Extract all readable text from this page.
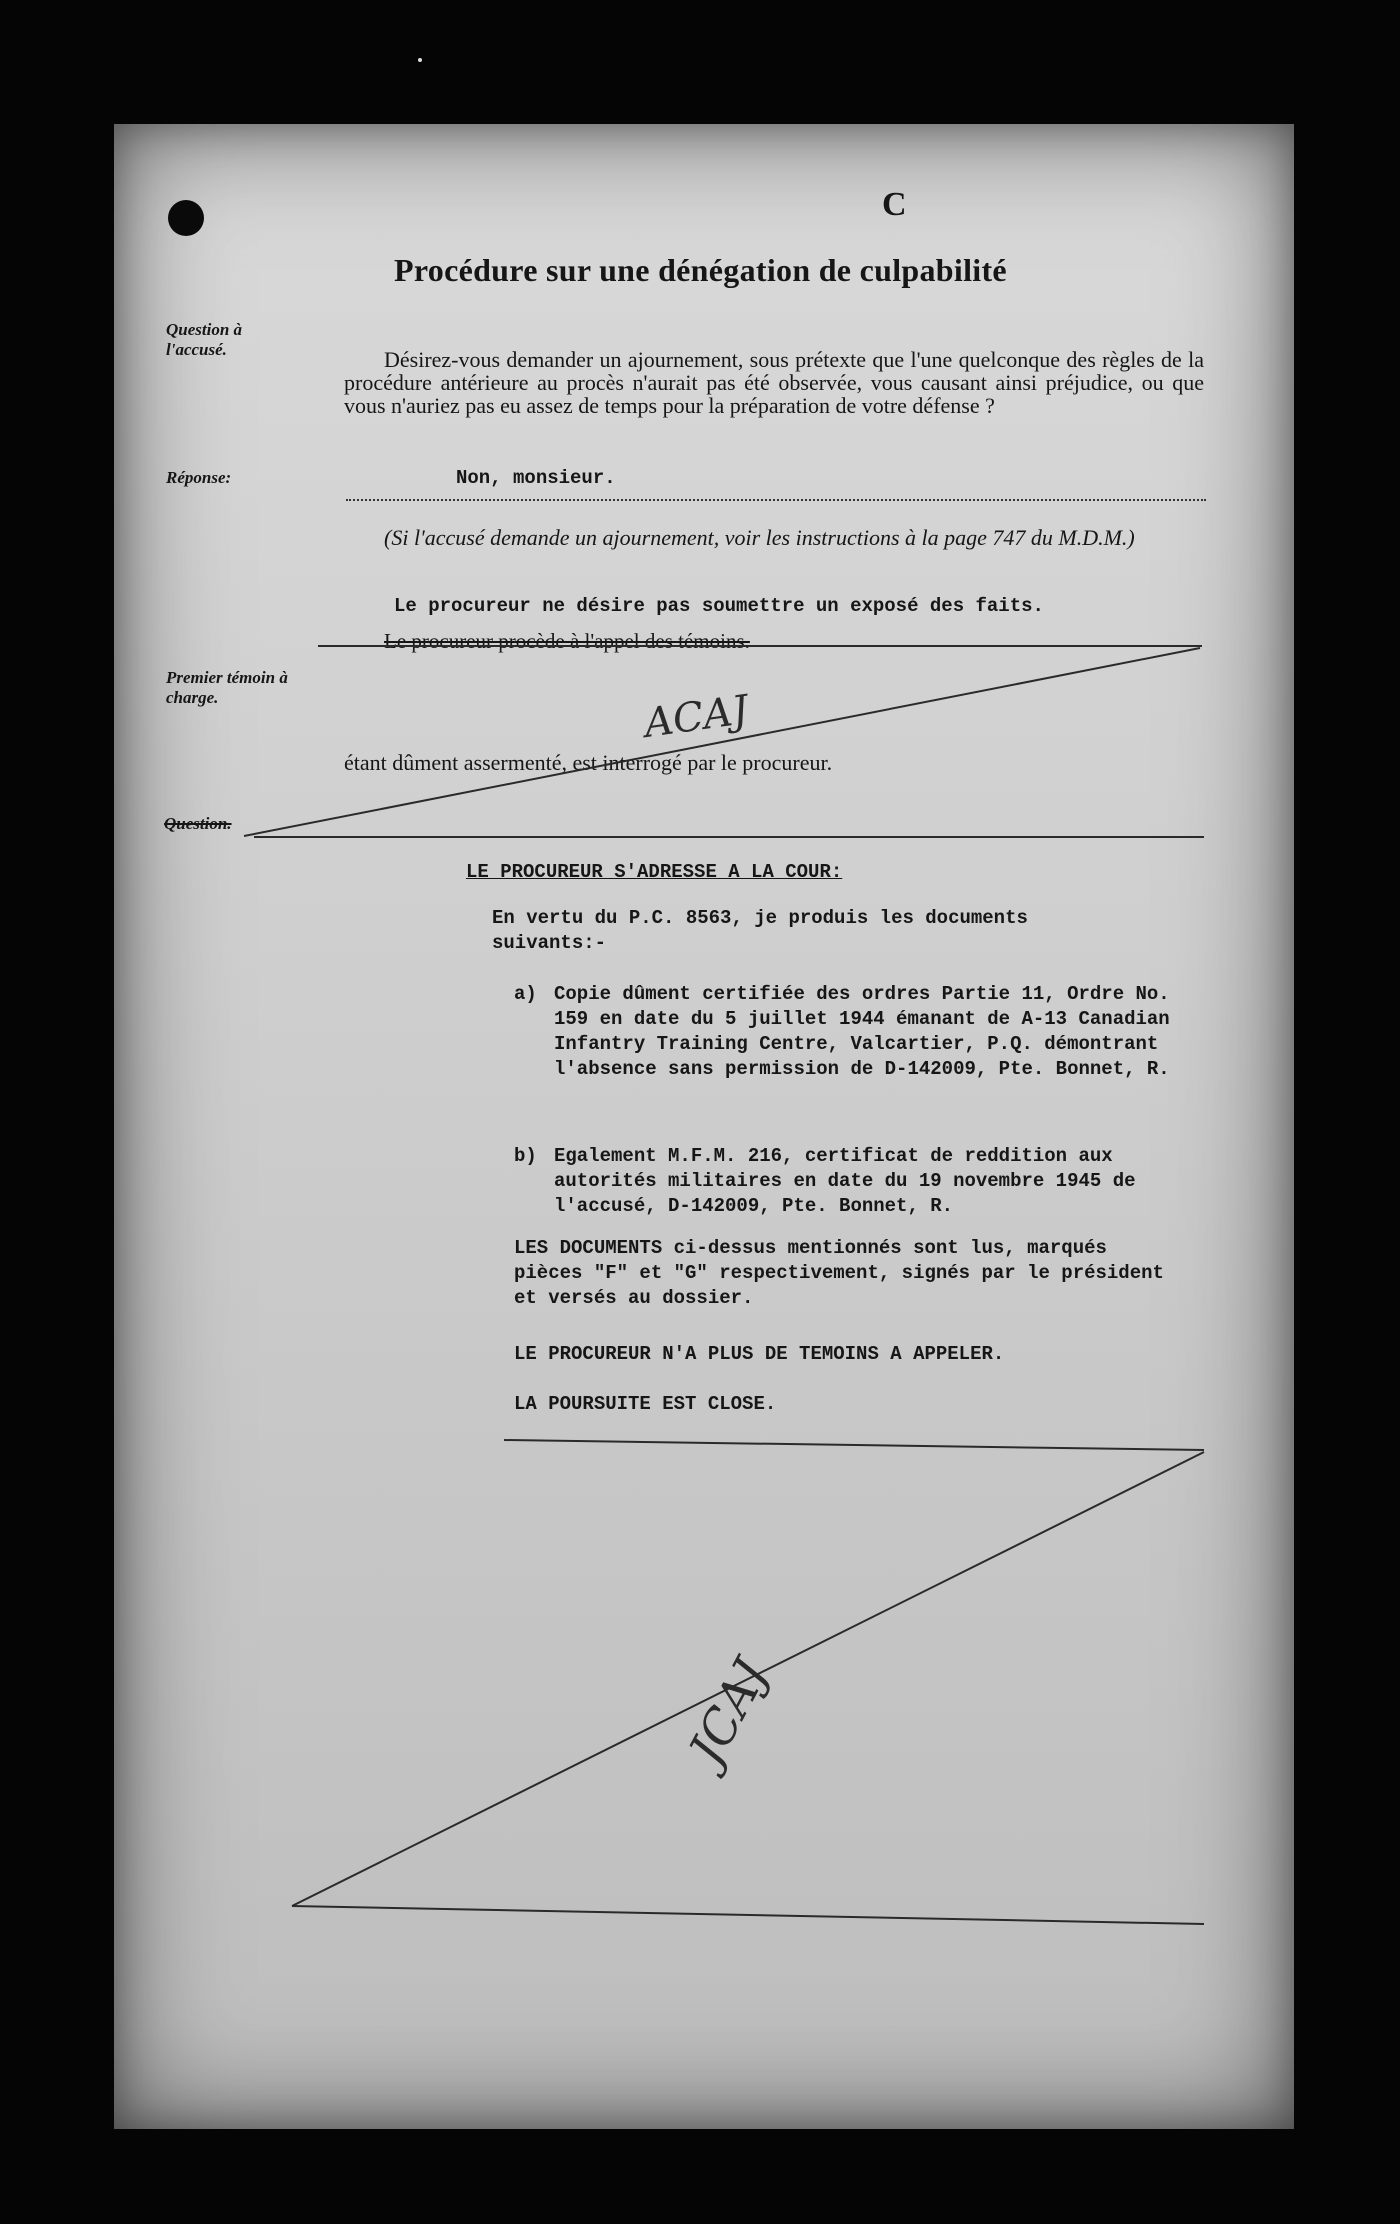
C
Procédure sur une dénégation de culpabilité
Question à l'accusé.
Réponse:
Premier témoin à charge.
Question.
Désirez-vous demander un ajournement, sous prétexte que l'une quelconque des règles de la procédure antérieure au procès n'aurait pas été observée, vous causant ainsi préjudice, ou que vous n'auriez pas eu assez de temps pour la préparation de votre défense ?
Non, monsieur.
(Si l'accusé demande un ajournement, voir les instructions à la page 747 du M.D.M.)
Le procureur ne désire pas soumettre un exposé des faits.
Le procureur procède à l'appel des témoins.
ACAJ
étant dûment assermenté, est interrogé par le procureur.
LE PROCUREUR S'ADRESSE A LA COUR:
En vertu du P.C. 8563, je produis les documents suivants:-
a) Copie dûment certifiée des ordres Partie 11, Ordre No. 159 en date du 5 juillet 1944 émanant de A-13 Canadian Infantry Training Centre, Valcartier, P.Q. démontrant l'absence sans permission de D-142009, Pte. Bonnet, R.
b) Egalement M.F.M. 216, certificat de reddition aux autorités militaires en date du 19 novembre 1945 de l'accusé, D-142009, Pte. Bonnet, R.
LES DOCUMENTS ci-dessus mentionnés sont lus, marqués pièces "F" et "G" respectivement, signés par le président et versés au dossier.
LE PROCUREUR N'A PLUS DE TEMOINS A APPELER.
LA POURSUITE EST CLOSE.
JCAJ
